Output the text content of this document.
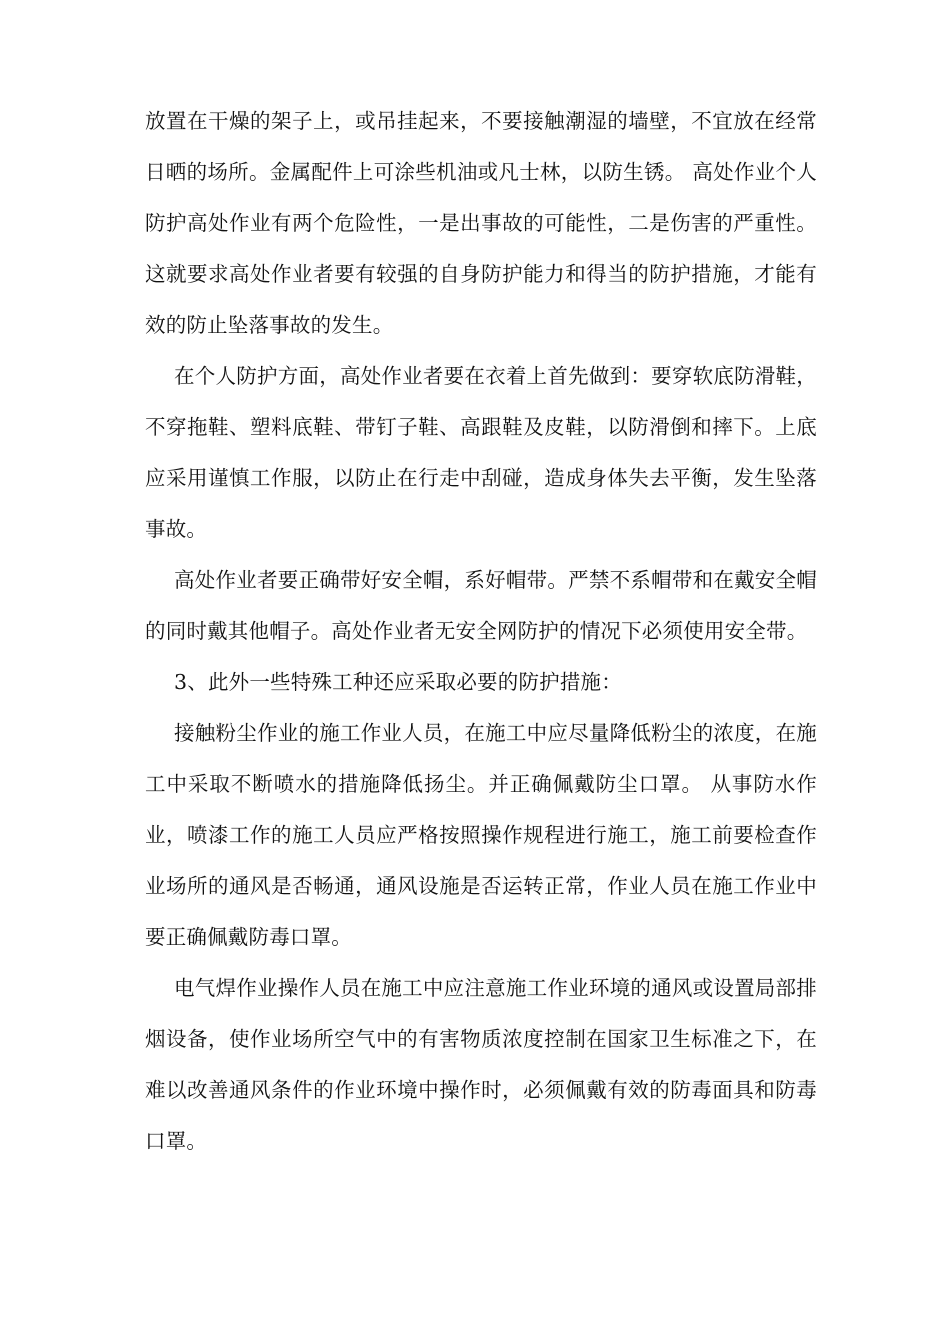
放置在干燥的架子上，或吊挂起来，不要接触潮湿的墙壁，不宜放在经常日晒的场所。金属配件上可涂些机油或凡士林，以防生锈。 高处作业个人防护高处作业有两个危险性，一是出事故的可能性，二是伤害的严重性。这就要求高处作业者要有较强的自身防护能力和得当的防护措施，才能有效的防止坠落事故的发生。

在个人防护方面，高处作业者要在衣着上首先做到：要穿软底防滑鞋，不穿拖鞋、塑料底鞋、带钉子鞋、高跟鞋及皮鞋，以防滑倒和摔下。上底应采用谨慎工作服，以防止在行走中刮碰，造成身体失去平衡，发生坠落事故。

高处作业者要正确带好安全帽，系好帽带。严禁不系帽带和在戴安全帽的同时戴其他帽子。高处作业者无安全网防护的情况下必须使用安全带。

3、此外一些特殊工种还应采取必要的防护措施：

接触粉尘作业的施工作业人员，在施工中应尽量降低粉尘的浓度，在施工中采取不断喷水的措施降低扬尘。并正确佩戴防尘口罩。 从事防水作业，喷漆工作的施工人员应严格按照操作规程进行施工，施工前要检查作业场所的通风是否畅通，通风设施是否运转正常，作业人员在施工作业中要正确佩戴防毒口罩。

电气焊作业操作人员在施工中应注意施工作业环境的通风或设置局部排烟设备，使作业场所空气中的有害物质浓度控制在国家卫生标准之下，在难以改善通风条件的作业环境中操作时，必须佩戴有效的防毒面具和防毒口罩。
